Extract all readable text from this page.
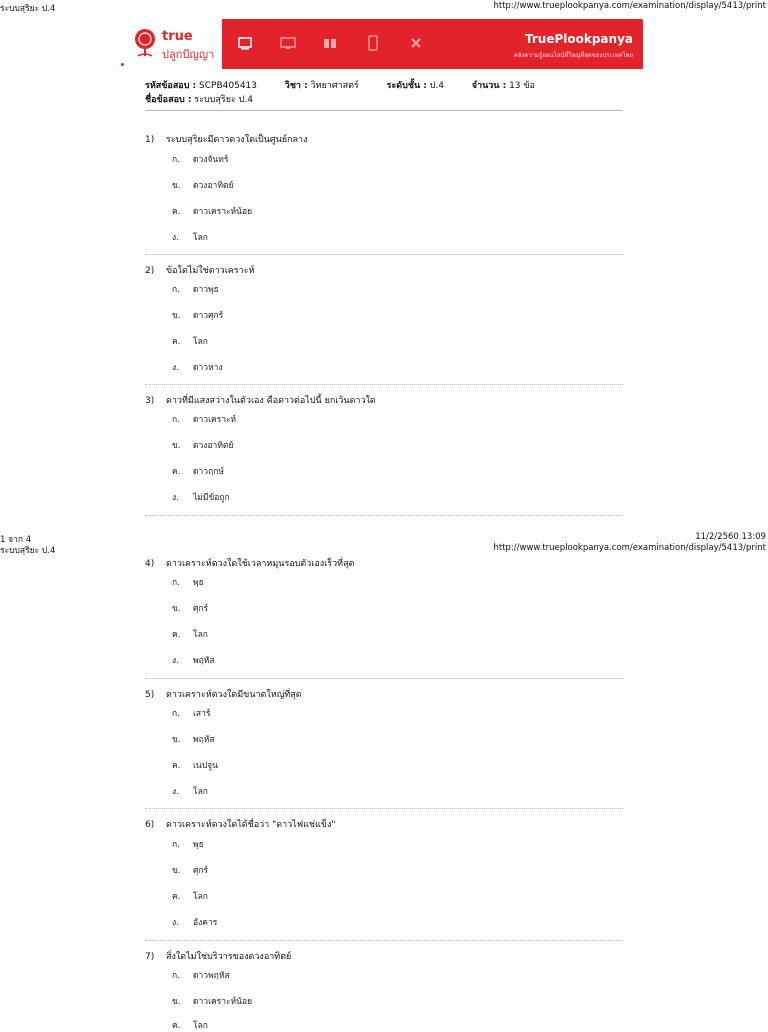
ระบบสุริยะ ป.4	http://www.trueplookpanya.com/examination/display/5413/print
true
ปลูกปัญญา
TruePlookpanya
คลังความรู้ออนไลน์ที่ใหญ่ที่สุดของประเทศไทย
รหัสข้อสอบ : SCPB405413	วิชา : วิทยาศาสตร์	ระดับชั้น : ป.4	จำนวน : 13 ข้อ
ชื่อข้อสอบ : ระบบสุริยะ ป.4
1) ระบบสุริยะมีดาวดวงใดเป็นศูนย์กลาง
ก. ดวงจันทร์
ข. ดวงอาทิตย์
ค. ดาวเคราะห์น้อย
ง. โลก
2) ข้อใดไม่ใช่ดาวเคราะห์
ก. ดาวพุธ
ข. ดาวศุกร์
ค. โลก
ง. ดาวหาง
3) ดาวที่มีแสงสว่างในตัวเอง คือดาวต่อไปนี้ ยกเว้นดาวใด
ก. ดาวเคราะห์
ข. ดวงอาทิตย์
ค. ดาวฤกษ์
ง. ไม่มีข้อถูก
1 จาก 4	11/2/2560 13:09
ระบบสุริยะ ป.4	http://www.trueplookpanya.com/examination/display/5413/print
4) ดาวเคราะห์ดวงใดใช้เวลาหมุนรอบตัวเองเร็วที่สุด
ก. พุธ
ข. ศุกร์
ค. โลก
ง. พฤหัส
5) ดาวเคราะห์ดวงใดมีขนาดใหญ่ที่สุด
ก. เสาร์
ข. พฤหัส
ค. เนปจูน
ง. โลก
6) ดาวเคราะห์ดวงใดได้ชื่อว่า "ดาวไฟแช่แข็ง"
ก. พุธ
ข. ศุกร์
ค. โลก
ง. อังคาร
7) สิ่งใดไม่ใช่บริวารของดวงอาทิตย์
ก. ดาวพฤหัส
ข. ดาวเคราะห์น้อย
ค. โลก
